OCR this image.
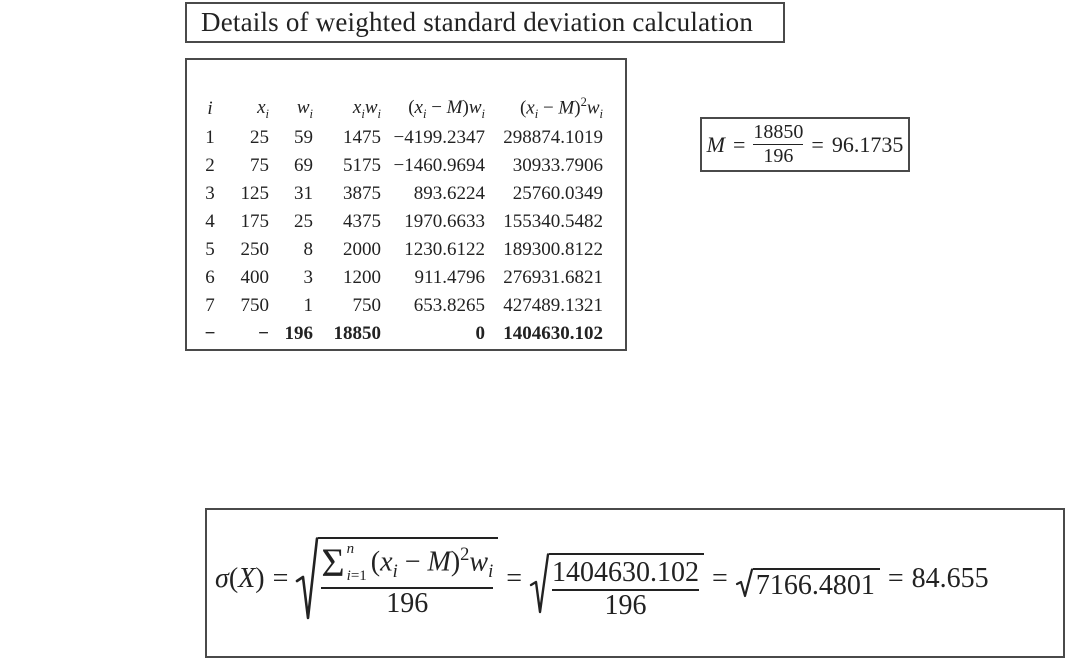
Details of weighted standard deviation calculation
i	$x_i$	$w_i$	$x_iw_i$	$(x_i - M)w_i$	$(x_i - M)^2w_i$
1	25	59	1475	−4199.2347	298874.1019
2	75	69	5175	−1460.9694	30933.7906
3	125	31	3875	893.6224	25760.0349
4	175	25	4375	1970.6633	155340.5482
5	250	8	2000	1230.6122	189300.8122
6	400	3	1200	911.4796	276931.6821
7	750	1	750	653.8265	427489.1321
−	−	196	18850	0	1404630.102
$M = \frac{18850}{196} = 96.1735$
σ(X) = Σ n
i=1 $(x_i - M)^2w_i$
196
= 1404630.102
196
= 7166.4801 = 84.655
